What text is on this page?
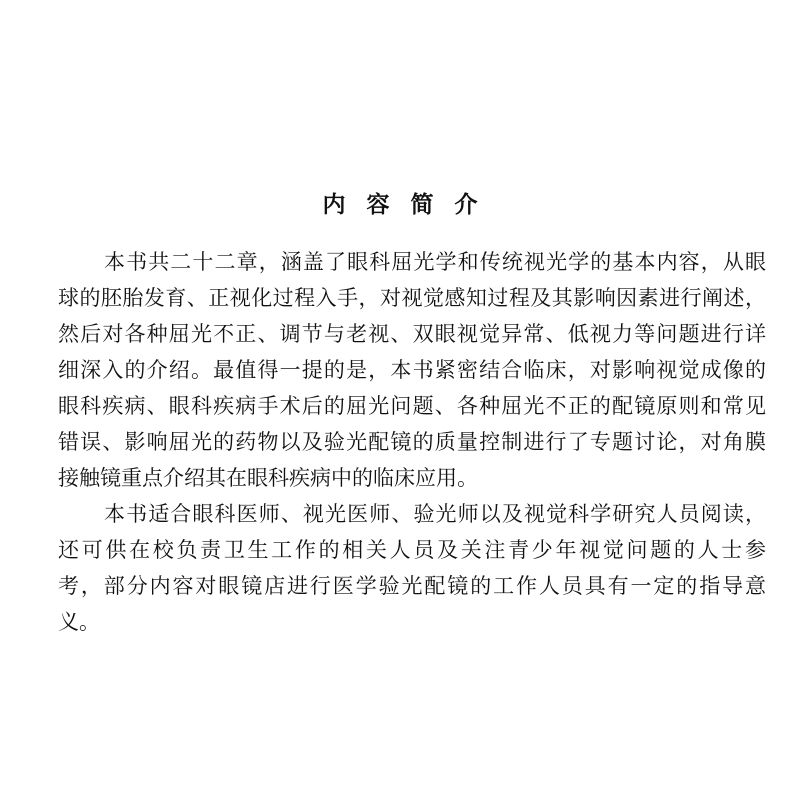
内容简介
本书共二十二章，涵盖了眼科屈光学和传统视光学的基本内容，从眼
球的胚胎发育、正视化过程入手，对视觉感知过程及其影响因素进行阐述，
然后对各种屈光不正、调节与老视、双眼视觉异常、低视力等问题进行详
细深入的介绍。最值得一提的是，本书紧密结合临床，对影响视觉成像的
眼科疾病、眼科疾病手术后的屈光问题、各种屈光不正的配镜原则和常见
错误、影响屈光的药物以及验光配镜的质量控制进行了专题讨论，对角膜
接触镜重点介绍其在眼科疾病中的临床应用。
本书适合眼科医师、视光医师、验光师以及视觉科学研究人员阅读，
还可供在校负责卫生工作的相关人员及关注青少年视觉问题的人士参
考，部分内容对眼镜店进行医学验光配镜的工作人员具有一定的指导意
义。
